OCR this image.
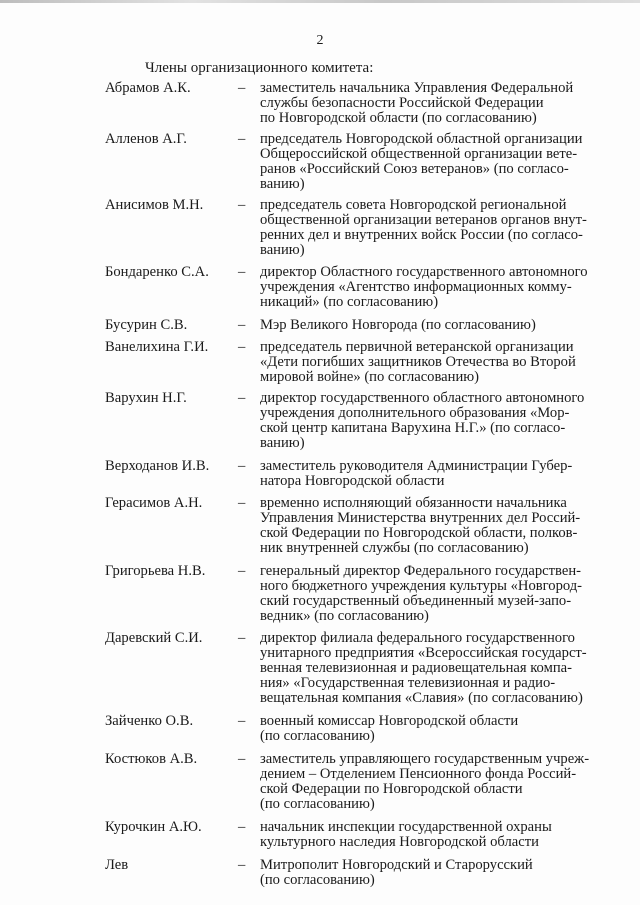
2
Члены организационного комитета:
Абрамов А.К.	–	заместитель начальника Управления Федеральной
службы безопасности Российской Федерации
по Новгородской области (по согласованию)
Алленов А.Г.	–	председатель Новгородской областной организации
Общероссийской общественной организации вете-
ранов «Российский Союз ветеранов» (по согласо-
ванию)
Анисимов М.Н.	–	председатель совета Новгородской региональной
общественной организации ветеранов органов внут-
ренних дел и внутренних войск России (по согласо-
ванию)
Бондаренко С.А.	–	директор Областного государственного автономного
учреждения «Агентство информационных комму-
никаций» (по согласованию)
Бусурин С.В.	–	Мэр Великого Новгорода (по согласованию)
Ванелихина Г.И.	–	председатель первичной ветеранской организации
«Дети погибших защитников Отечества во Второй
мировой войне» (по согласованию)
Варухин Н.Г.	–	директор государственного областного автономного
учреждения дополнительного образования «Мор-
ской центр капитана Варухина Н.Г.» (по согласо-
ванию)
Верходанов И.В.	–	заместитель руководителя Администрации Губер-
натора Новгородской области
Герасимов А.Н.	–	временно исполняющий обязанности начальника
Управления Министерства внутренних дел Россий-
ской Федерации по Новгородской области, полков-
ник внутренней службы (по согласованию)
Григорьева Н.В.	–	генеральный директор Федерального государствен-
ного бюджетного учреждения культуры «Новгород-
ский государственный объединенный музей-запо-
ведник» (по согласованию)
Даревский С.И.	–	директор филиала федерального государственного
унитарного предприятия «Всероссийская государст-
венная телевизионная и радиовещательная компа-
ния» «Государственная телевизионная и радио-
вещательная компания «Славия» (по согласованию)
Зайченко О.В.	–	военный комиссар Новгородской области
(по согласованию)
Костюков А.В.	–	заместитель управляющего государственным учреж-
дением – Отделением Пенсионного фонда Россий-
ской Федерации по Новгородской области
(по согласованию)
Курочкин А.Ю.	–	начальник инспекции государственной охраны
культурного наследия Новгородской области
Лев	–	Митрополит Новгородский и Старорусский
(по согласованию)
